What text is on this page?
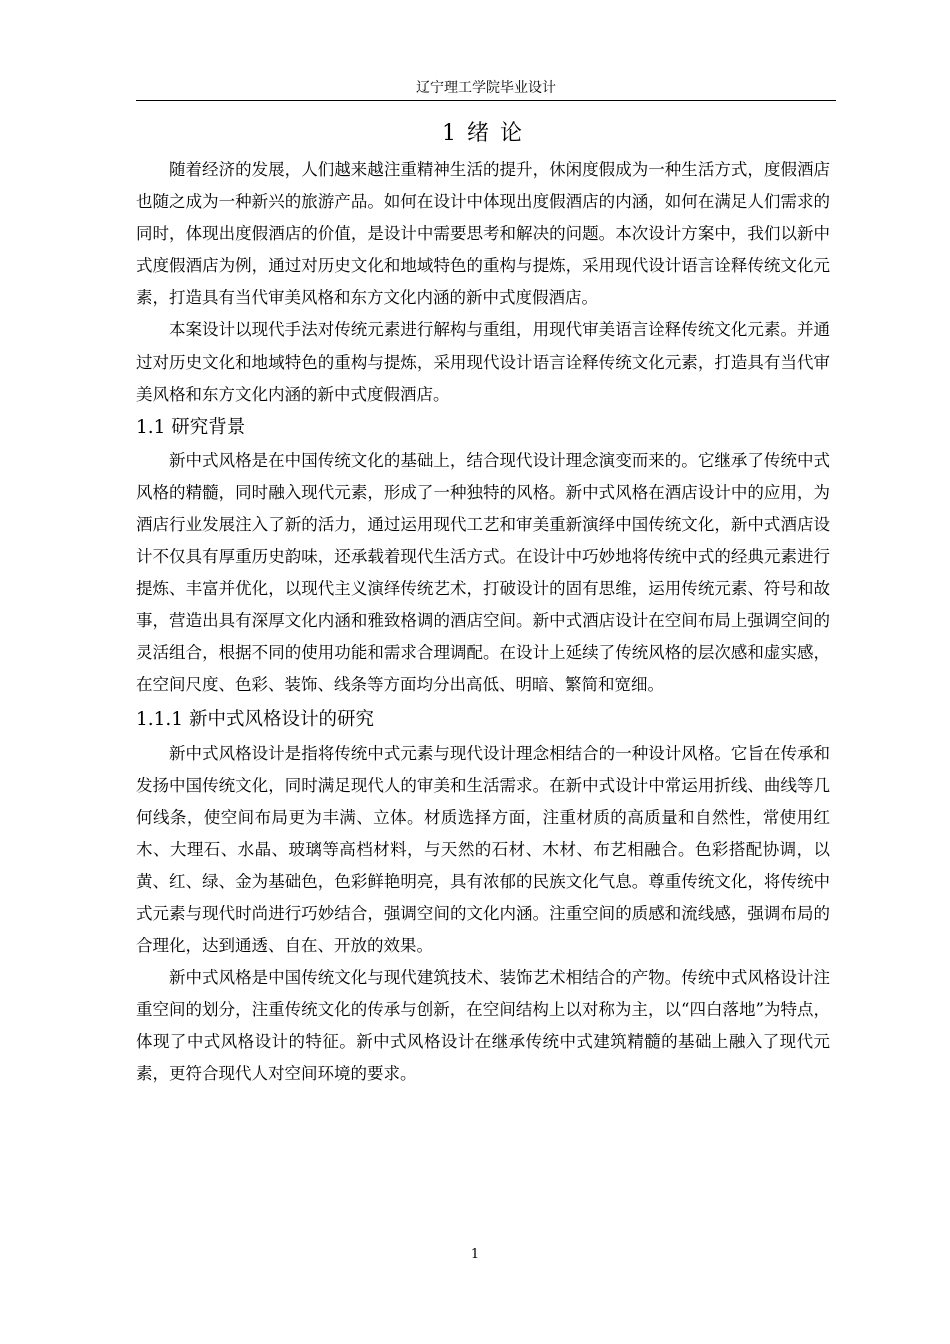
辽宁理工学院毕业设计
1 绪 论

随着经济的发展，人们越来越注重精神生活的提升，休闲度假成为一种生活方式，度假酒店也随之成为一种新兴的旅游产品。如何在设计中体现出度假酒店的内涵，如何在满足人们需求的同时，体现出度假酒店的价值，是设计中需要思考和解决的问题。本次设计方案中，我们以新中式度假酒店为例，通过对历史文化和地域特色的重构与提炼，采用现代设计语言诠释传统文化元素，打造具有当代审美风格和东方文化内涵的新中式度假酒店。

本案设计以现代手法对传统元素进行解构与重组，用现代审美语言诠释传统文化元素。并通过对历史文化和地域特色的重构与提炼，采用现代设计语言诠释传统文化元素，打造具有当代审美风格和东方文化内涵的新中式度假酒店。

1.1 研究背景

新中式风格是在中国传统文化的基础上，结合现代设计理念演变而来的。它继承了传统中式风格的精髓，同时融入现代元素，形成了一种独特的风格。新中式风格在酒店设计中的应用，为酒店行业发展注入了新的活力，通过运用现代工艺和审美重新演绎中国传统文化，新中式酒店设计不仅具有厚重历史韵味，还承载着现代生活方式。在设计中巧妙地将传统中式的经典元素进行提炼、丰富并优化，以现代主义演绎传统艺术，打破设计的固有思维，运用传统元素、符号和故事，营造出具有深厚文化内涵和雅致格调的酒店空间。新中式酒店设计在空间布局上强调空间的灵活组合，根据不同的使用功能和需求合理调配。在设计上延续了传统风格的层次感和虚实感，在空间尺度、色彩、装饰、线条等方面均分出高低、明暗、繁简和宽细。

1.1.1 新中式风格设计的研究

新中式风格设计是指将传统中式元素与现代设计理念相结合的一种设计风格。它旨在传承和发扬中国传统文化，同时满足现代人的审美和生活需求。在新中式设计中常运用折线、曲线等几何线条，使空间布局更为丰满、立体。材质选择方面，注重材质的高质量和自然性，常使用红木、大理石、水晶、玻璃等高档材料，与天然的石材、木材、布艺相融合。色彩搭配协调，以黄、红、绿、金为基础色，色彩鲜艳明亮，具有浓郁的民族文化气息。尊重传统文化，将传统中式元素与现代时尚进行巧妙结合，强调空间的文化内涵。注重空间的质感和流线感，强调布局的合理化，达到通透、自在、开放的效果。

新中式风格是中国传统文化与现代建筑技术、装饰艺术相结合的产物。传统中式风格设计注重空间的划分，注重传统文化的传承与创新，在空间结构上以对称为主，以“四白落地”为特点，体现了中式风格设计的特征。新中式风格设计在继承传统中式建筑精髓的基础上融入了现代元素，更符合现代人对空间环境的要求。

1
